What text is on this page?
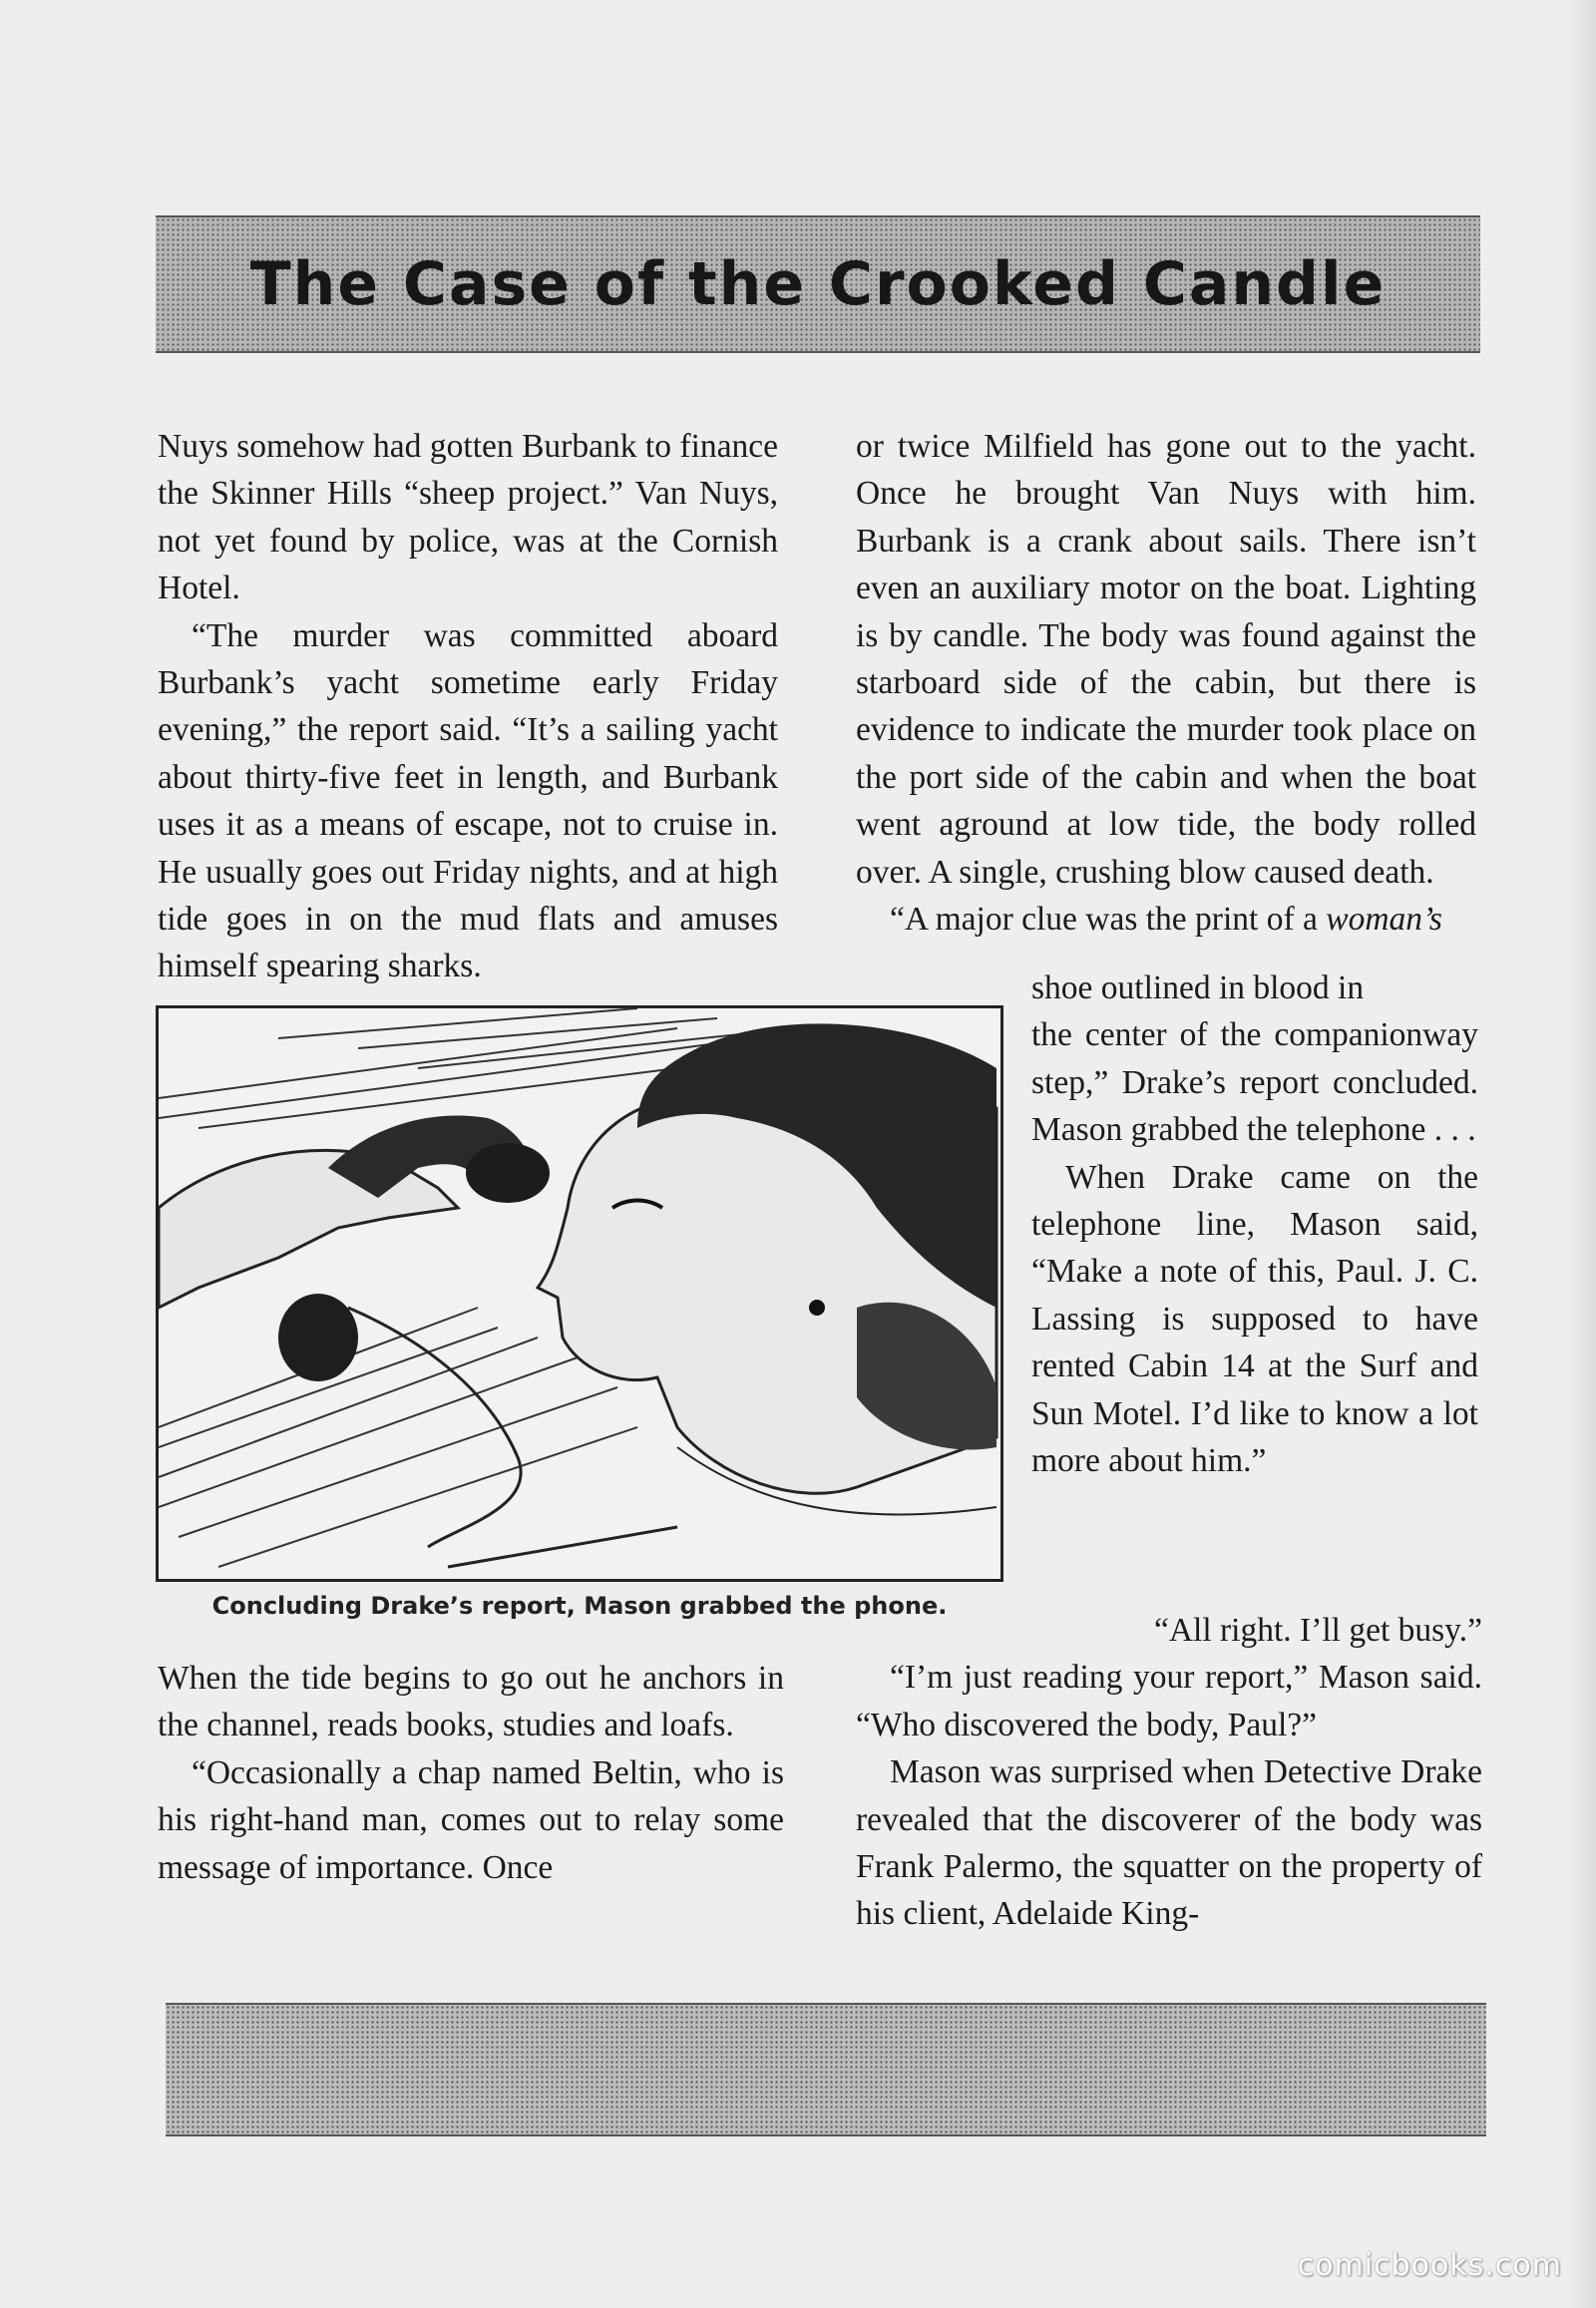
The Case of the Crooked Candle

Nuys somehow had gotten Burbank to finance the Skinner Hills “sheep project.” Van Nuys, not yet found by police, was at the Cornish Hotel.

“The murder was committed aboard Burbank’s yacht sometime early Friday evening,” the report said. “It’s a sailing yacht about thirty-five feet in length, and Burbank uses it as a means of escape, not to cruise in. He usually goes out Friday nights, and at high tide goes in on the mud flats and amuses himself spearing sharks.

Concluding Drake’s report, Mason grabbed the phone.

When the tide begins to go out he anchors in the channel, reads books, studies and loafs.

“Occasionally a chap named Beltin, who is his right-hand man, comes out to relay some message of importance. Once

or twice Milfield has gone out to the yacht. Once he brought Van Nuys with him. Burbank is a crank about sails. There isn’t even an auxiliary motor on the boat. Lighting is by candle. The body was found against the starboard side of the cabin, but there is evidence to indicate the murder took place on the port side of the cabin and when the boat went aground at low tide, the body rolled over. A single, crushing blow caused death.

“A major clue was the print of a woman’s

shoe outlined in blood in

the center of the companionway step,” Drake’s report concluded. Mason grabbed the telephone . . .

When Drake came on the telephone line, Mason said, “Make a note of this, Paul. J. C. Lassing is supposed to have rented Cabin 14 at the Surf and Sun Motel. I’d like to know a lot more about him.”

“All right. I’ll get busy.”

“I’m just reading your report,” Mason said. “Who discovered the body, Paul?”

Mason was surprised when Detective Drake revealed that the discoverer of the body was Frank Palermo, the squatter on the property of his client, Adelaide King-

comicbooks.com
